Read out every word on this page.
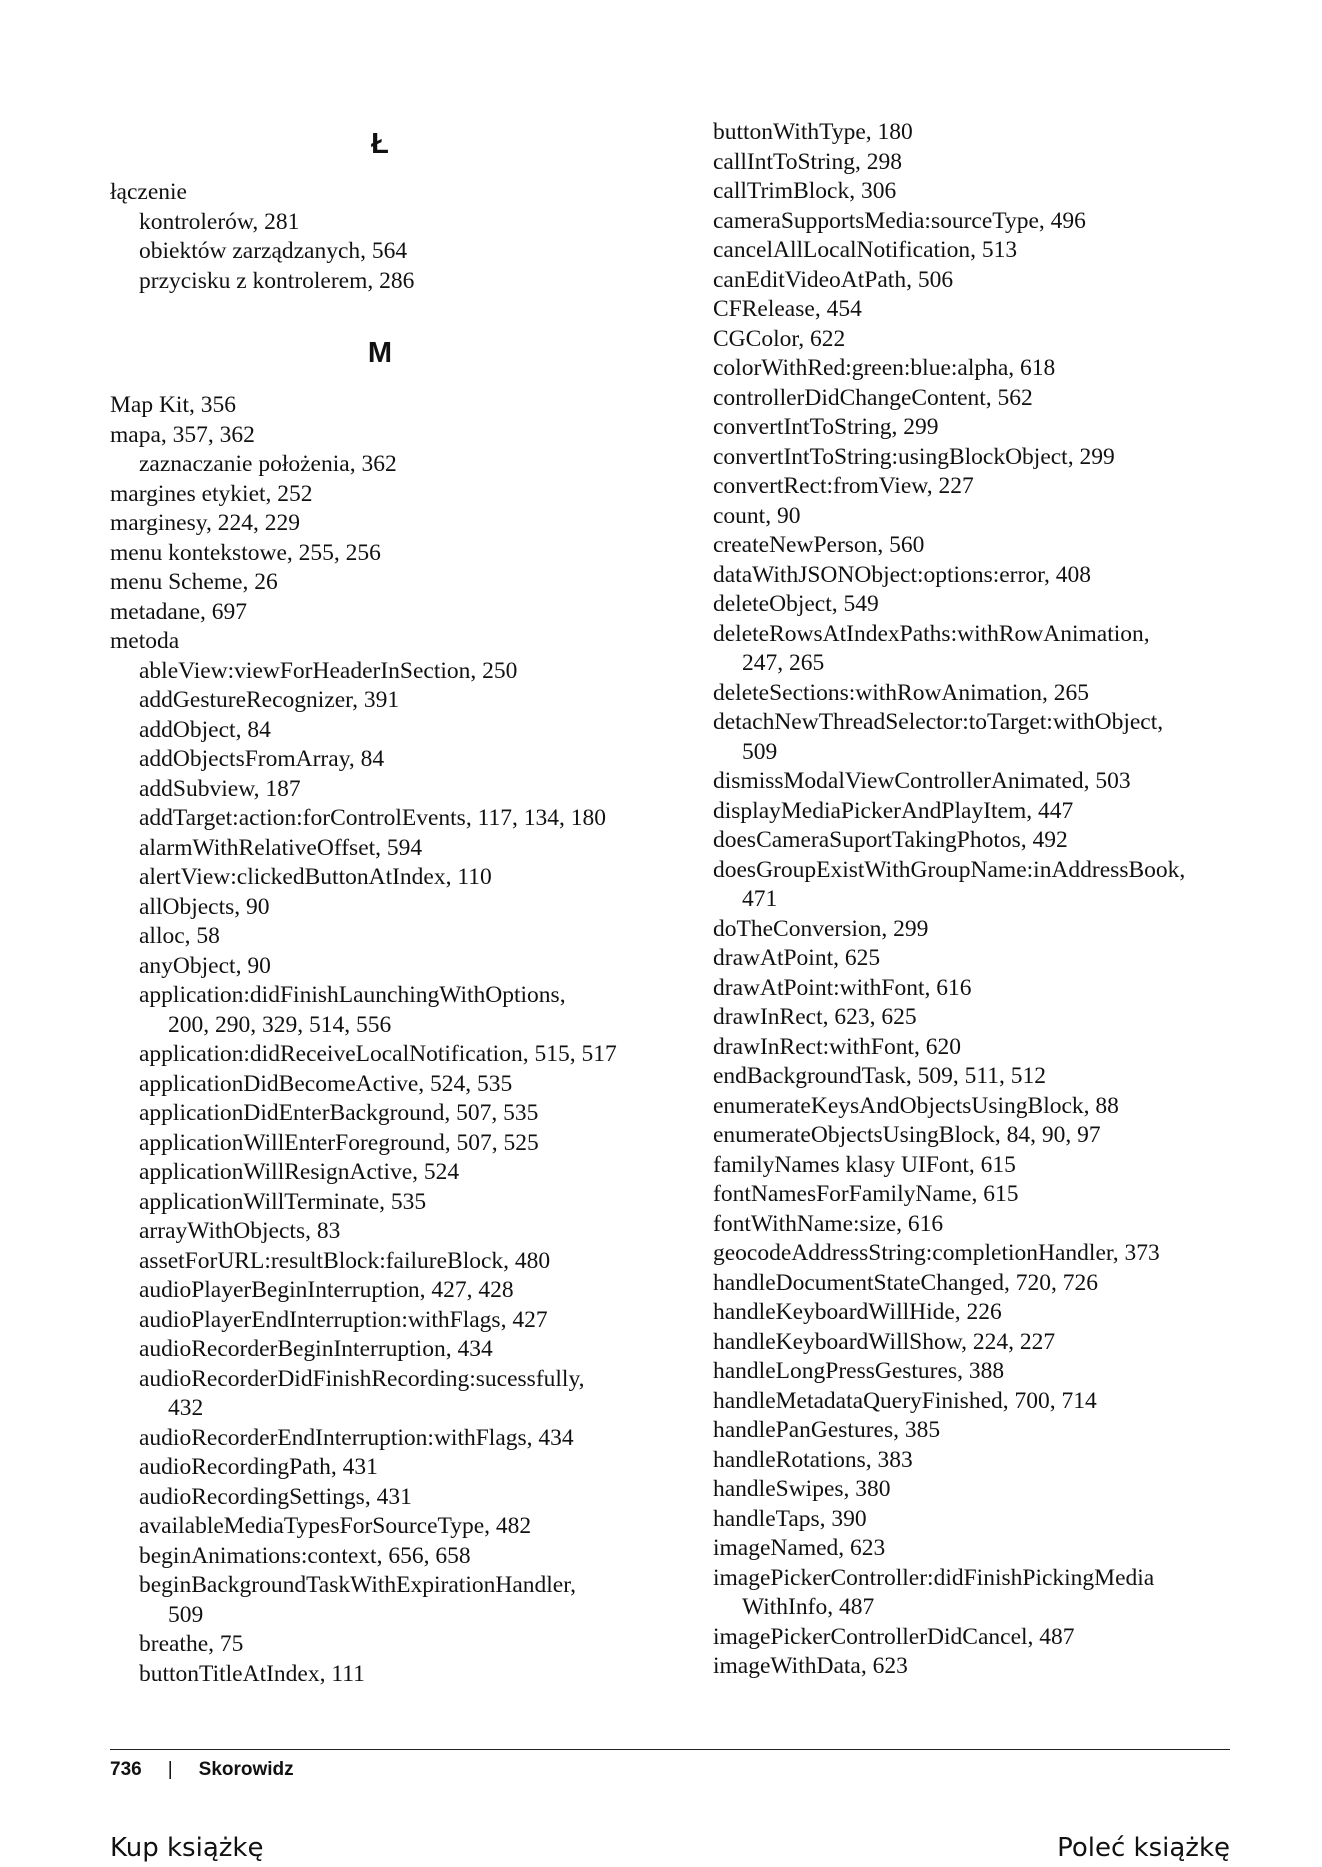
Ł
łączenie
kontrolerów, 281
obiektów zarządzanych, 564
przycisku z kontrolerem, 286
M
Map Kit, 356
mapa, 357, 362
zaznaczanie położenia, 362
margines etykiet, 252
marginesy, 224, 229
menu kontekstowe, 255, 256
menu Scheme, 26
metadane, 697
metoda
ableView:viewForHeaderInSection, 250
addGestureRecognizer, 391
addObject, 84
addObjectsFromArray, 84
addSubview, 187
addTarget:action:forControlEvents, 117, 134, 180
alarmWithRelativeOffset, 594
alertView:clickedButtonAtIndex, 110
allObjects, 90
alloc, 58
anyObject, 90
application:didFinishLaunchingWithOptions,
200, 290, 329, 514, 556
application:didReceiveLocalNotification, 515, 517
applicationDidBecomeActive, 524, 535
applicationDidEnterBackground, 507, 535
applicationWillEnterForeground, 507, 525
applicationWillResignActive, 524
applicationWillTerminate, 535
arrayWithObjects, 83
assetForURL:resultBlock:failureBlock, 480
audioPlayerBeginInterruption, 427, 428
audioPlayerEndInterruption:withFlags, 427
audioRecorderBeginInterruption, 434
audioRecorderDidFinishRecording:sucessfully,
432
audioRecorderEndInterruption:withFlags, 434
audioRecordingPath, 431
audioRecordingSettings, 431
availableMediaTypesForSourceType, 482
beginAnimations:context, 656, 658
beginBackgroundTaskWithExpirationHandler,
509
breathe, 75
buttonTitleAtIndex, 111
buttonWithType, 180
callIntToString, 298
callTrimBlock, 306
cameraSupportsMedia:sourceType, 496
cancelAllLocalNotification, 513
canEditVideoAtPath, 506
CFRelease, 454
CGColor, 622
colorWithRed:green:blue:alpha, 618
controllerDidChangeContent, 562
convertIntToString, 299
convertIntToString:usingBlockObject, 299
convertRect:fromView, 227
count, 90
createNewPerson, 560
dataWithJSONObject:options:error, 408
deleteObject, 549
deleteRowsAtIndexPaths:withRowAnimation,
247, 265
deleteSections:withRowAnimation, 265
detachNewThreadSelector:toTarget:withObject,
509
dismissModalViewControllerAnimated, 503
displayMediaPickerAndPlayItem, 447
doesCameraSuportTakingPhotos, 492
doesGroupExistWithGroupName:inAddressBook,
471
doTheConversion, 299
drawAtPoint, 625
drawAtPoint:withFont, 616
drawInRect, 623, 625
drawInRect:withFont, 620
endBackgroundTask, 509, 511, 512
enumerateKeysAndObjectsUsingBlock, 88
enumerateObjectsUsingBlock, 84, 90, 97
familyNames klasy UIFont, 615
fontNamesForFamilyName, 615
fontWithName:size, 616
geocodeAddressString:completionHandler, 373
handleDocumentStateChanged, 720, 726
handleKeyboardWillHide, 226
handleKeyboardWillShow, 224, 227
handleLongPressGestures, 388
handleMetadataQueryFinished, 700, 714
handlePanGestures, 385
handleRotations, 383
handleSwipes, 380
handleTaps, 390
imageNamed, 623
imagePickerController:didFinishPickingMedia
WithInfo, 487
imagePickerControllerDidCancel, 487
imageWithData, 623
736 | Skorowidz
Kup książkę	Poleć książkę
